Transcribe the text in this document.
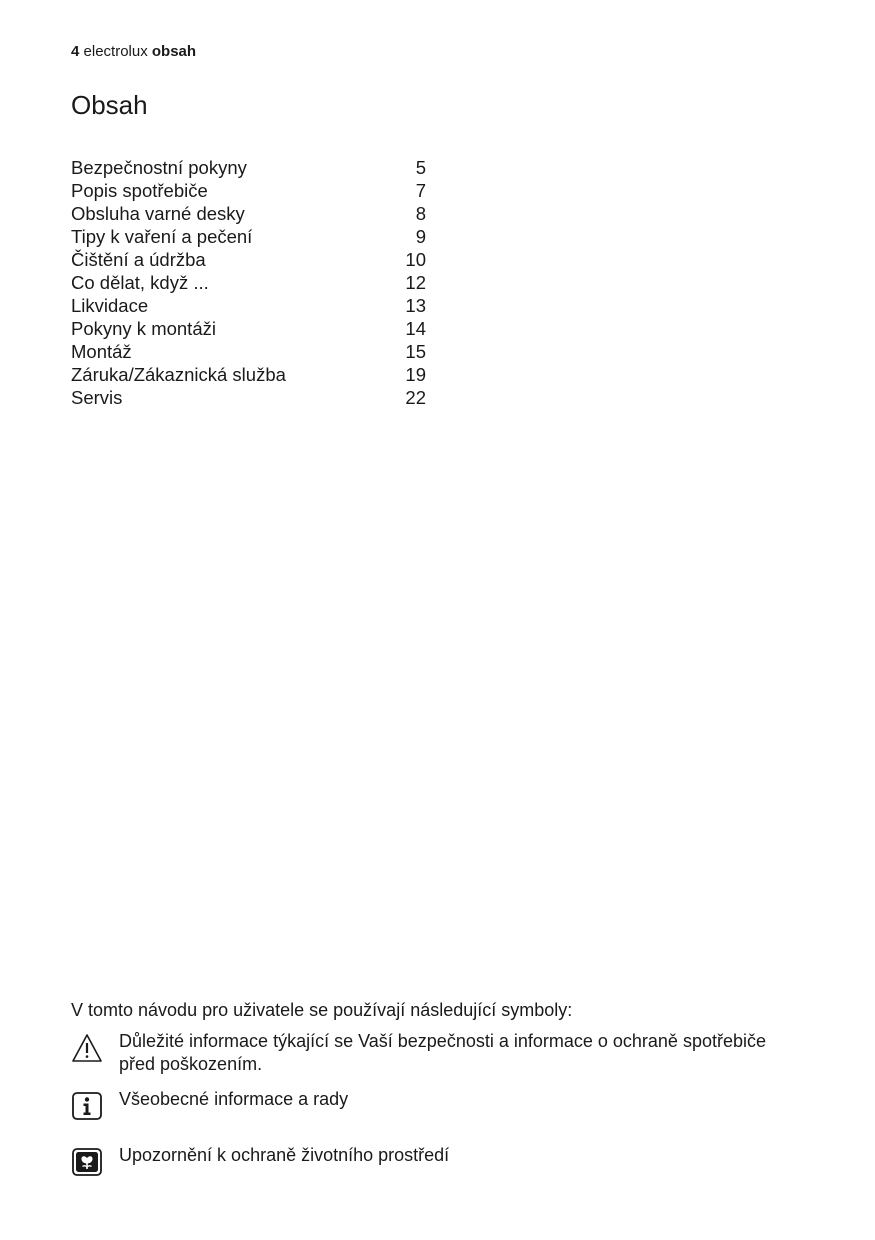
4 electrolux obsah
Obsah
Bezpečnostní pokyny	5
Popis spotřebiče	7
Obsluha varné desky	8
Tipy k vaření a pečení	9
Čištění a údržba	10
Co dělat, když ...	12
Likvidace	13
Pokyny k montáži	14
Montáž	15
Záruka/Zákaznická služba	19
Servis	22

V tomto návodu pro uživatele se používají následující symboly:

Důležité informace týkající se Vaší bezpečnosti a informace o ochraně spotřebiče před poškozením.
Všeobecné informace a rady
Upozornění k ochraně životního prostředí
